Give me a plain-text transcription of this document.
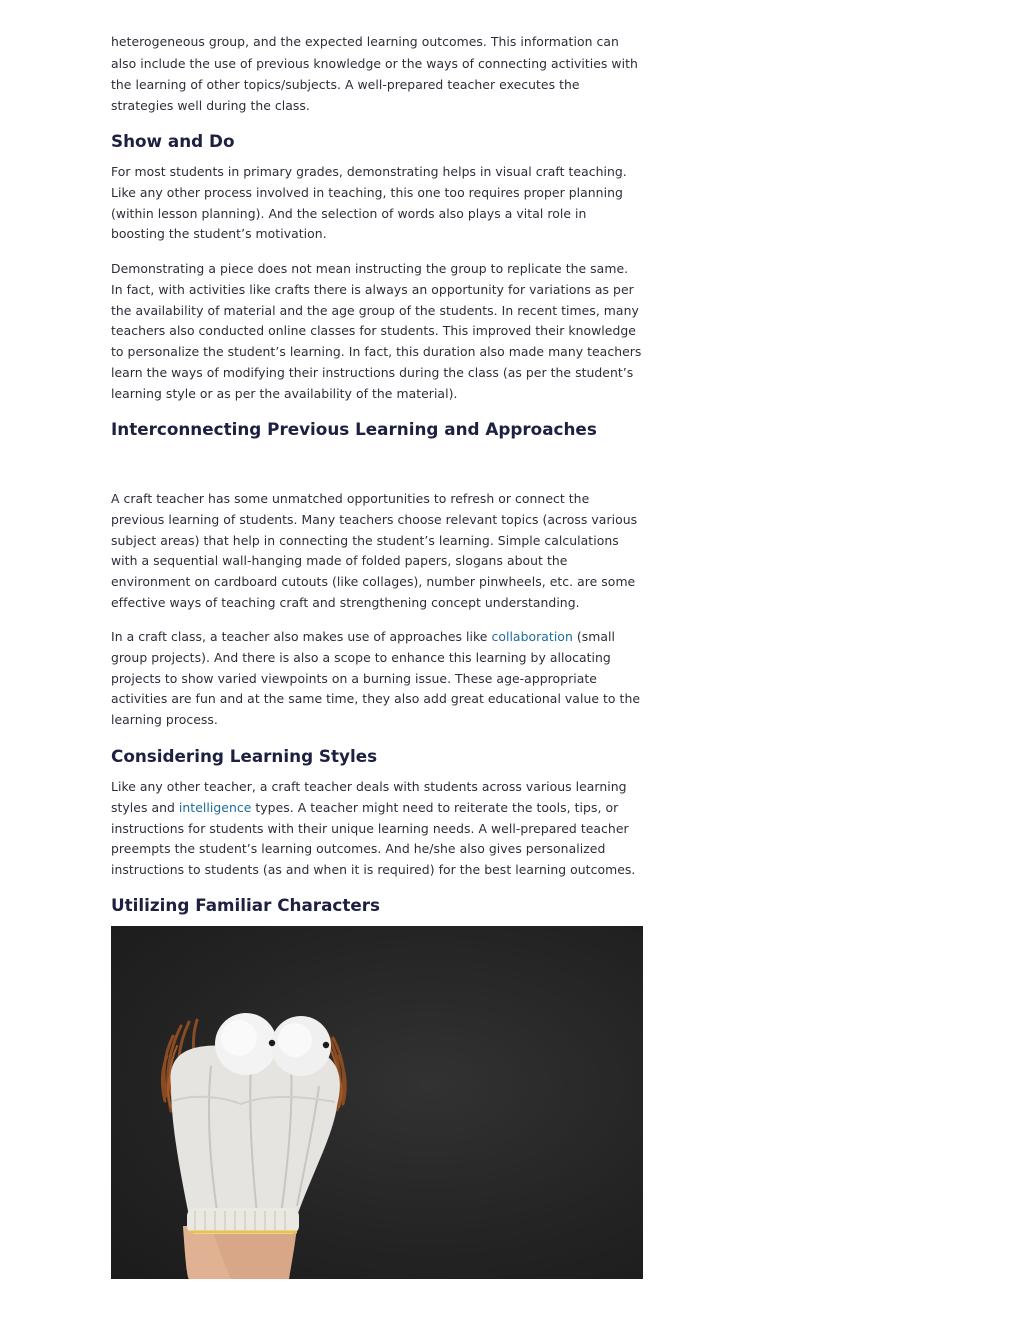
heterogeneous group, and the expected learning outcomes. This information can

also include the use of previous knowledge or the ways of connecting activities with

the learning of other topics/subjects. A well-prepared teacher executes the

strategies well during the class.

Show and Do

For most students in primary grades, demonstrating helps in visual craft teaching. Like any other process involved in teaching, this one too requires proper planning (within lesson planning). And the selection of words also plays a vital role in boosting the student’s motivation.

Demonstrating a piece does not mean instructing the group to replicate the same. In fact, with activities like crafts there is always an opportunity for variations as per the availability of material and the age group of the students. In recent times, many teachers also conducted online classes for students. This improved their knowledge to personalize the student’s learning. In fact, this duration also made many teachers learn the ways of modifying their instructions during the class (as per the student’s learning style or as per the availability of the material).

Interconnecting Previous Learning and Approaches

A craft teacher has some unmatched opportunities to refresh or connect the previous learning of students. Many teachers choose relevant topics (across various subject areas) that help in connecting the student’s learning. Simple calculations with a sequential wall-hanging made of folded papers, slogans about the environment on cardboard cutouts (like collages), number pinwheels, etc. are some effective ways of teaching craft and strengthening concept understanding.

In a craft class, a teacher also makes use of approaches like collaboration (small group projects). And there is also a scope to enhance this learning by allocating projects to show varied viewpoints on a burning issue. These age-appropriate activities are fun and at the same time, they also add great educational value to the learning process.

Considering Learning Styles

Like any other teacher, a craft teacher deals with students across various learning styles and intelligence types. A teacher might need to reiterate the tools, tips, or instructions for students with their unique learning needs. A well-prepared teacher preempts the student’s learning outcomes. And he/she also gives personalized instructions to students (as and when it is required) for the best learning outcomes.

Utilizing Familiar Characters
